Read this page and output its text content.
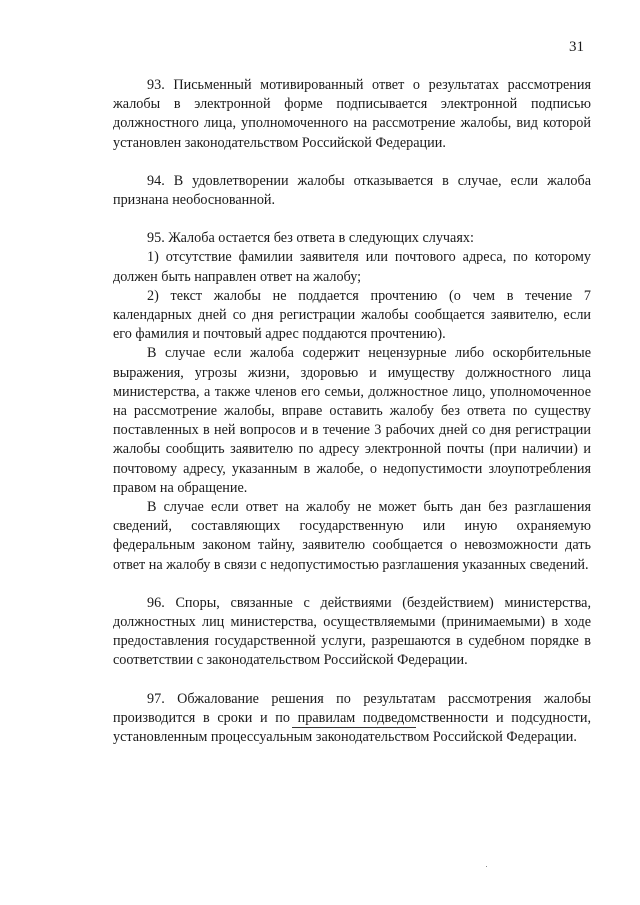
31

93. Письменный мотивированный ответ о результатах рассмотрения жалобы в электронной форме подписывается электронной подписью должностного лица, уполномоченного на рассмотрение жалобы, вид которой установлен законодательством Российской Федерации.

94. В удовлетворении жалобы отказывается в случае, если жалоба признана необоснованной.

95. Жалоба остается без ответа в следующих случаях:

1) отсутствие фамилии заявителя или почтового адреса, по которому должен быть направлен ответ на жалобу;

2) текст жалобы не поддается прочтению (о чем в течение 7 календарных дней со дня регистрации жалобы сообщается заявителю, если его фамилия и почтовый адрес поддаются прочтению).

В случае если жалоба содержит нецензурные либо оскорбительные выражения, угрозы жизни, здоровью и имуществу должностного лица министерства, а также членов его семьи, должностное лицо, уполномоченное на рассмотрение жалобы, вправе оставить жалобу без ответа по существу поставленных в ней вопросов и в течение 3 рабочих дней со дня регистрации жалобы сообщить заявителю по адресу электронной почты (при наличии) и почтовому адресу, указанным в жалобе, о недопустимости злоупотребления правом на обращение.

В случае если ответ на жалобу не может быть дан без разглашения сведений, составляющих государственную или иную охраняемую федеральным законом тайну, заявителю сообщается о невозможности дать ответ на жалобу в связи с недопустимостью разглашения указанных сведений.

96. Споры, связанные с действиями (бездействием) министерства, должностных лиц министерства, осуществляемыми (принимаемыми) в ходе предоставления государственной услуги, разрешаются в судебном порядке в соответствии с законодательством Российской Федерации.

97. Обжалование решения по результатам рассмотрения жалобы производится в сроки и по правилам подведомственности и подсудности, установленным процессуальным законодательством Российской Федерации.
